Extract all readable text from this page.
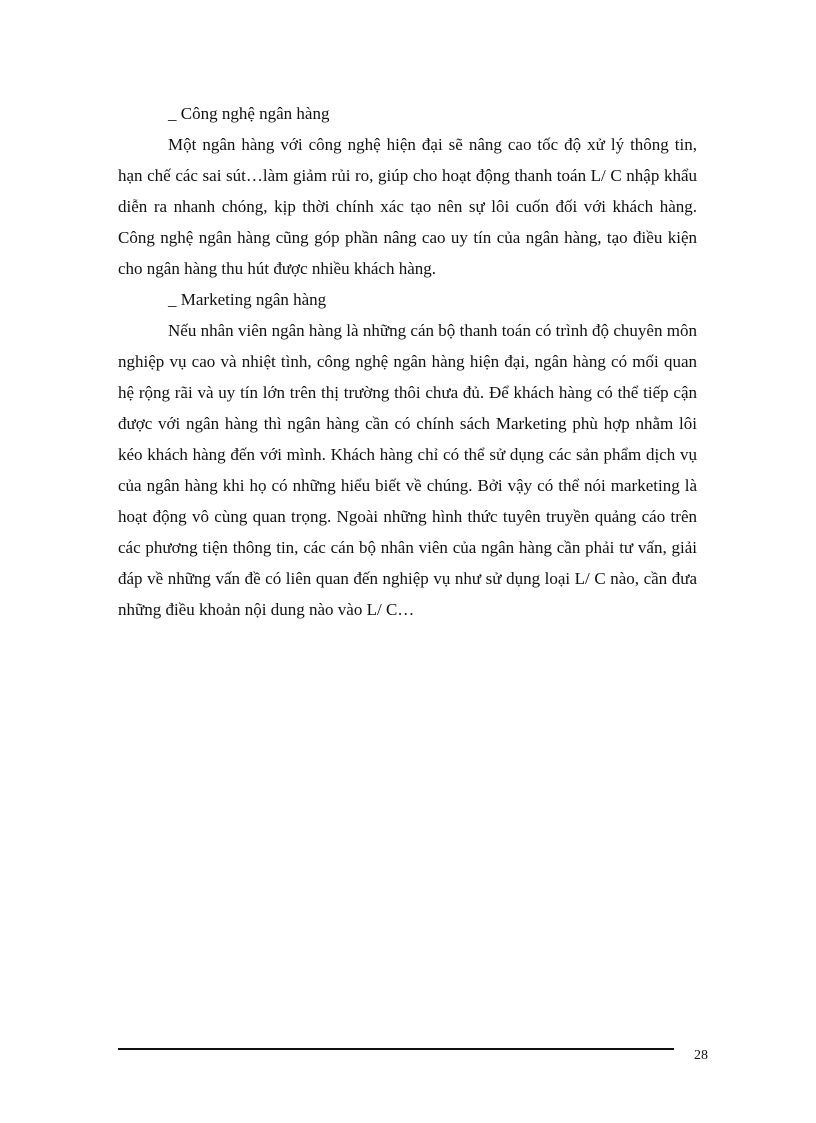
_ Công nghệ ngân hàng

Một ngân hàng với công nghệ hiện đại sẽ nâng cao tốc độ xử lý thông tin, hạn chế các sai sút…làm giảm rủi ro, giúp cho hoạt động thanh toán L/ C nhập khẩu diễn ra nhanh chóng, kịp thời chính xác tạo nên sự lôi cuốn đối với khách hàng. Công nghệ ngân hàng cũng góp phần nâng cao uy tín của ngân hàng, tạo điều kiện cho ngân hàng thu hút được nhiều khách hàng.

_ Marketing ngân hàng

Nếu nhân viên ngân hàng là những cán bộ thanh toán có trình độ chuyên môn nghiệp vụ cao và nhiệt tình, công nghệ ngân hàng hiện đại, ngân hàng có mối quan hệ rộng rãi và uy tín lớn trên thị trường thôi chưa đủ. Để khách hàng có thể tiếp cận được với ngân hàng thì ngân hàng cần có chính sách Marketing phù hợp nhằm lôi kéo khách hàng đến với mình. Khách hàng chỉ có thể sử dụng các sản phẩm dịch vụ của ngân hàng khi họ có những hiểu biết về chúng. Bởi vậy có thể nói marketing là hoạt động vô cùng quan trọng. Ngoài những hình thức tuyên truyền quảng cáo trên các phương tiện thông tin, các cán bộ nhân viên của ngân hàng cần phải tư vấn, giải đáp về những vấn đề có liên quan đến nghiệp vụ như sử dụng loại L/ C nào, cần đưa những điều khoản nội dung nào vào L/ C…

28
